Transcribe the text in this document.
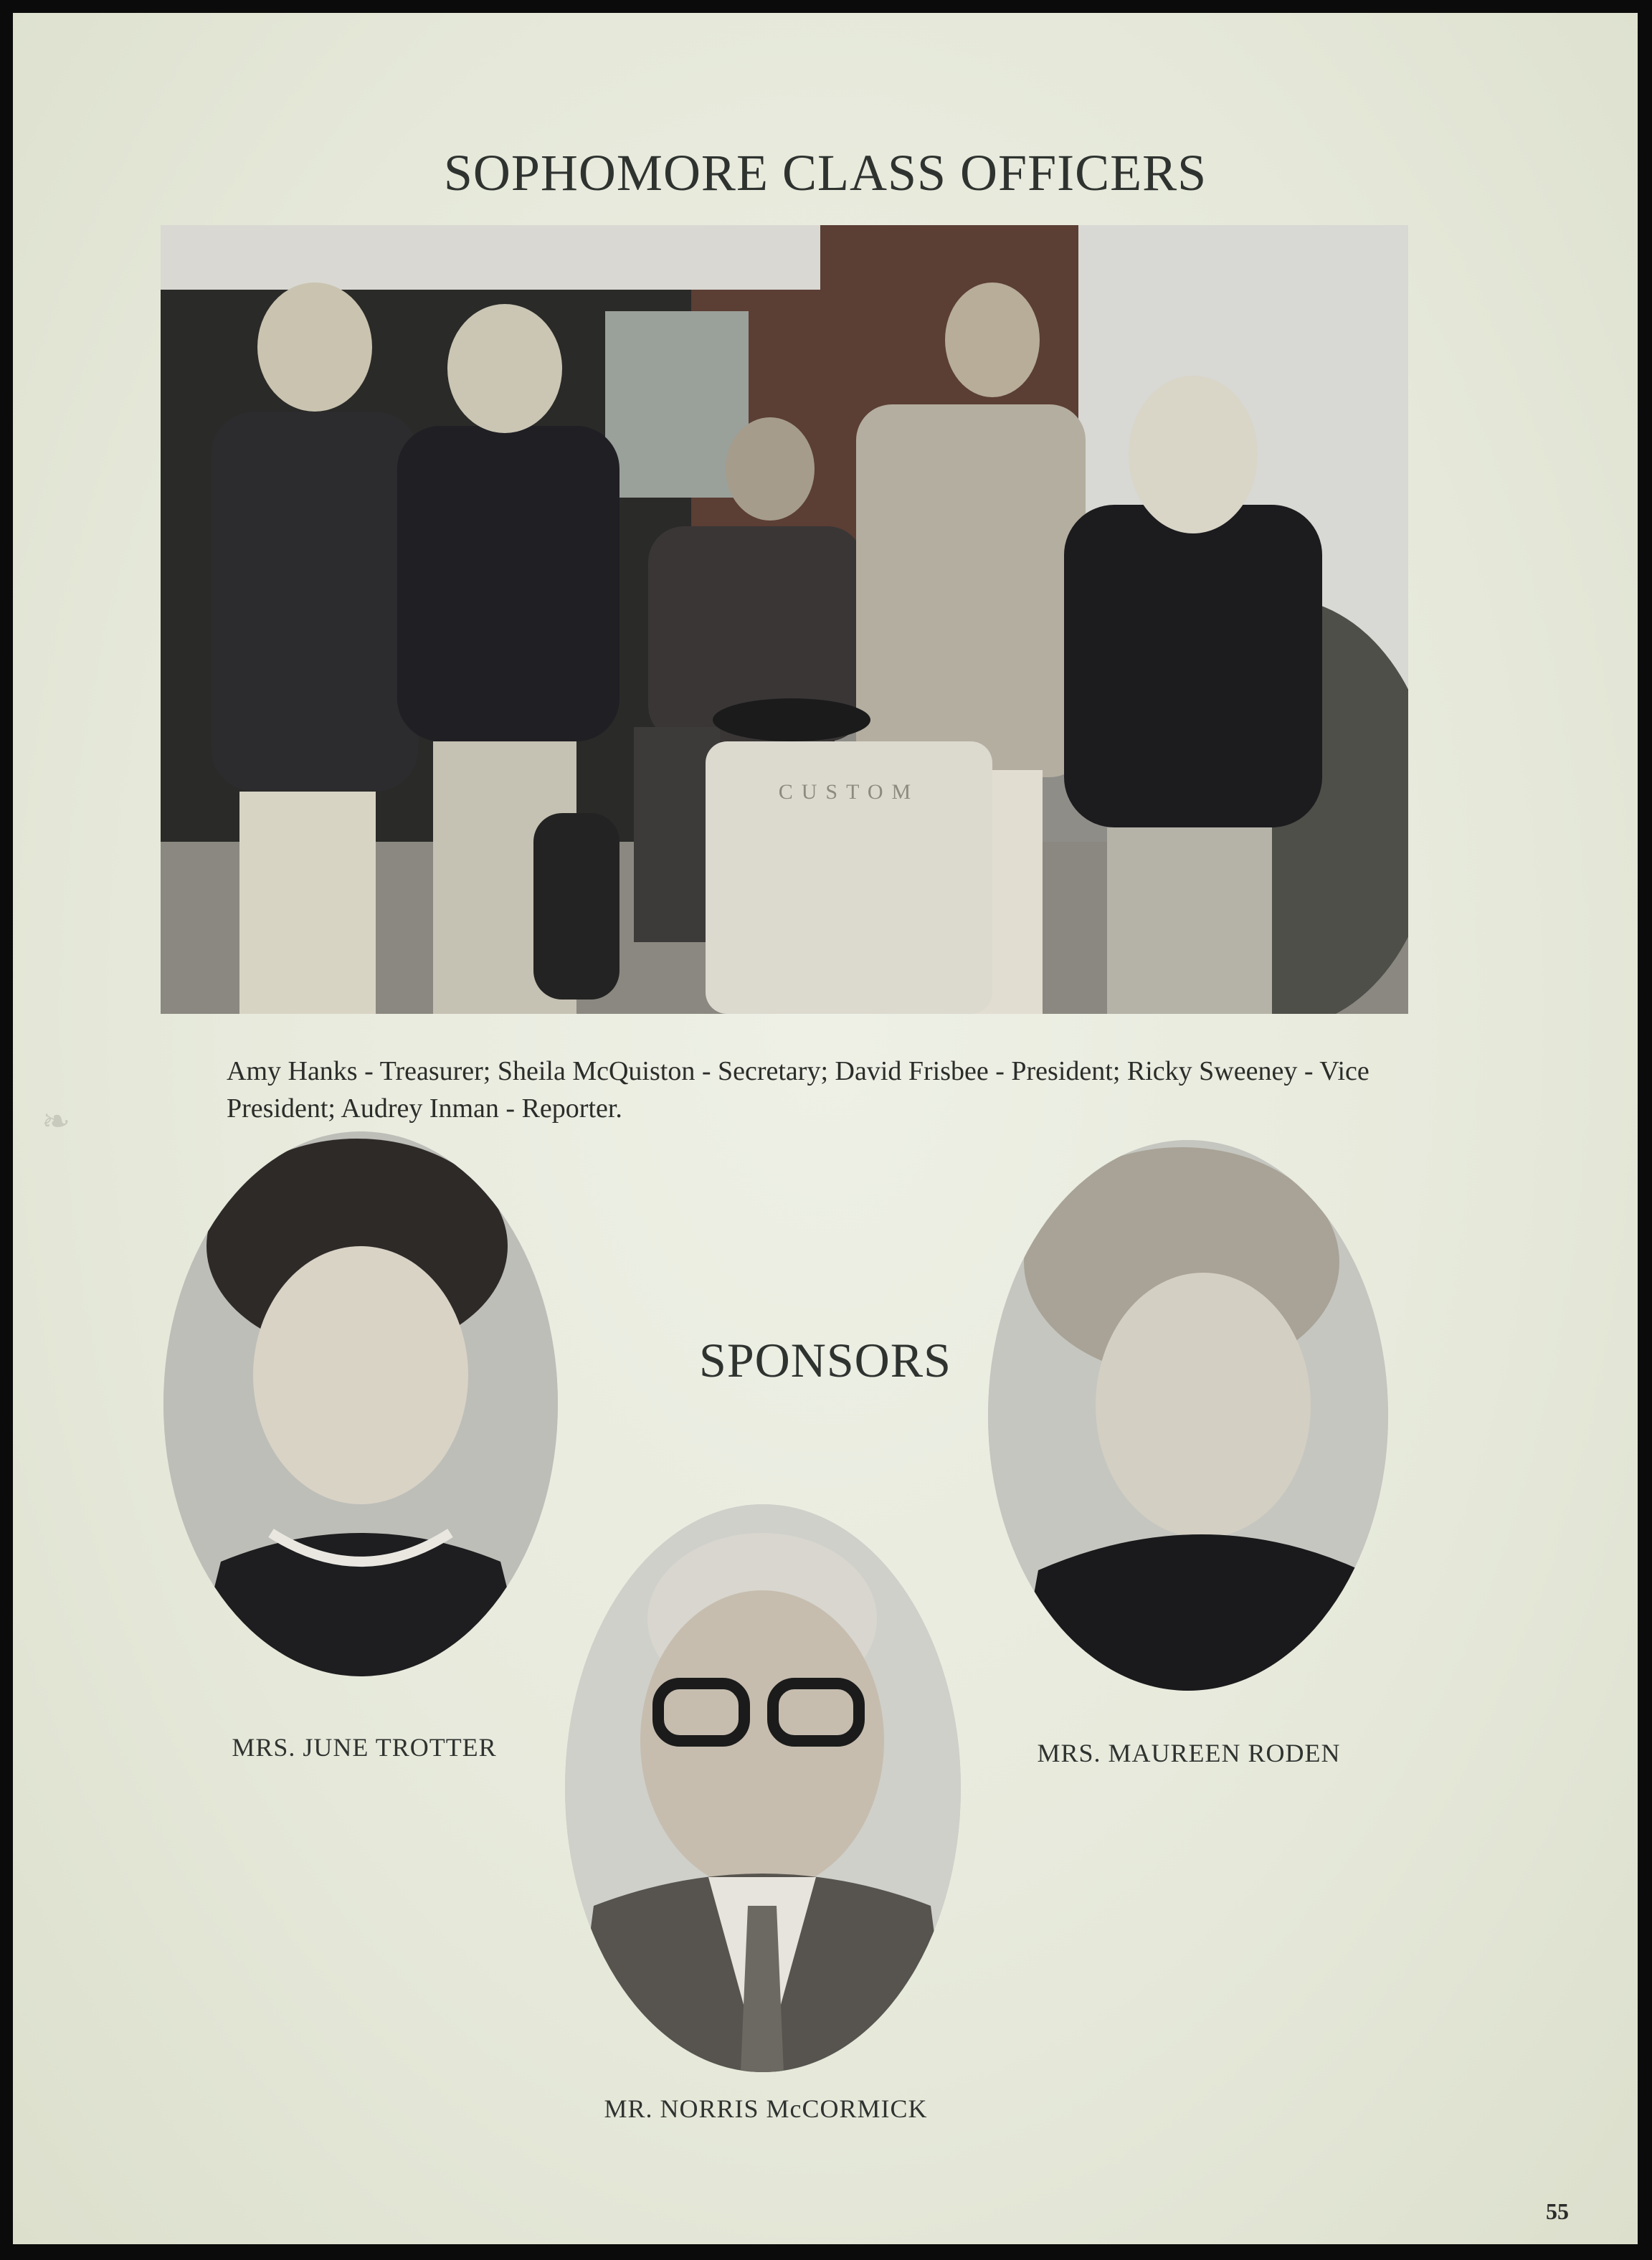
SOPHOMORE CLASS OFFICERS
CUSTOM
Amy Hanks - Treasurer; Sheila McQuiston - Secretary; David Frisbee - President; Ricky Sweeney - Vice President; Audrey Inman - Reporter.
❧
SPONSORS
MRS. JUNE TROTTER	MRS. MAUREEN RODEN
MR. NORRIS McCORMICK
55
